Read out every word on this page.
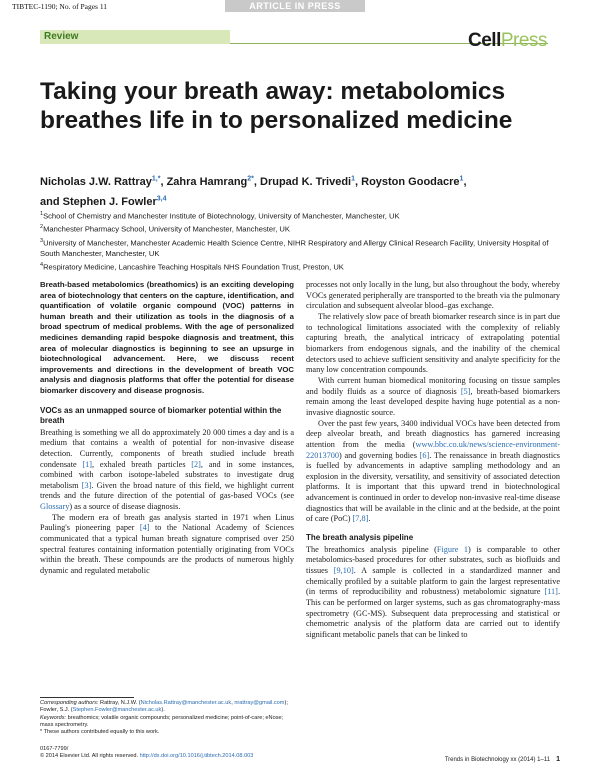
TIBTEC-1190; No. of Pages 11	ARTICLE IN PRESS
Review	CellPress
Taking your breath away: metabolomics breathes life in to personalized medicine
Nicholas J.W. Rattray$^{1,*}$, Zahra Hamrang$^{2*}$, Drupad K. Trivedi$^1$, Royston Goodacre$^1$,
and Stephen J. Fowler$^{3,4}$
$^1$School of Chemistry and Manchester Institute of Biotechnology, University of Manchester, Manchester, UK
$^2$Manchester Pharmacy School, University of Manchester, Manchester, UK
$^3$University of Manchester, Manchester Academic Health Science Centre, NIHR Respiratory and Allergy Clinical Research Facility, University Hospital of South Manchester, Manchester, UK
$^4$Respiratory Medicine, Lancashire Teaching Hospitals NHS Foundation Trust, Preston, UK

Breath-based metabolomics (breathomics) is an exciting developing area of biotechnology that centers on the capture, identification, and quantification of volatile organic compound (VOC) patterns in human breath and their utilization as tools in the diagnosis of a broad spectrum of medical problems. With the age of personalized medicines demanding rapid bespoke diagnosis and treatment, this area of molecular diagnostics is beginning to see an upsurge in biotechnological advancement. Here, we discuss recent improvements and directions in the development of breath VOC analysis and diagnosis platforms that offer the potential for disease biomarker discovery and disease prognosis.

VOCs as an unmapped source of biomarker potential within the breath

Breathing is something we all do approximately 20 000 times a day and is a medium that contains a wealth of potential for non-invasive disease detection. Currently, components of breath studied include breath condensate [1], exhaled breath particles [2], and in some instances, combined with carbon isotope-labeled substrates to investigate drug metabolism [3]. Given the broad nature of this field, we highlight current trends and the future direction of the potential of gas-based VOCs (see Glossary) as a source of disease diagnosis.

The modern era of breath gas analysis started in 1971 when Linus Pauling's pioneering paper [4] to the National Academy of Sciences communicated that a typical human breath signature comprised over 250 spectral features containing information potentially originating from VOCs within the breath. These compounds are the products of numerous highly dynamic and regulated metabolic

processes not only locally in the lung, but also throughout the body, whereby VOCs generated peripherally are transported to the breath via the pulmonary circulation and subsequent alveolar blood–gas exchange.

The relatively slow pace of breath biomarker research since is in part due to technological limitations associated with the complexity of reliably capturing breath, the analytical intricacy of extrapolating potential biomarkers from endogenous signals, and the inability of the chemical detectors used to achieve sufficient sensitivity and analyte specificity for the many low concentration compounds.

With current human biomedical monitoring focusing on tissue samples and bodily fluids as a source of diagnosis [5], breath-based biomarkers remain among the least developed despite having huge potential as a non-invasive diagnostic source.

Over the past few years, 3400 individual VOCs have been detected from deep alveolar breath, and breath diagnostics has garnered increasing attention from the media (www.bbc.co.uk/news/science-environment-22013700) and governing bodies [6]. The renaissance in breath diagnostics is fuelled by advancements in adaptive sampling methodology and an explosion in the diversity, versatility, and sensitivity of associated detection platforms. It is important that this upward trend in biotechnological advancement is continued in order to develop non-invasive real-time disease diagnostics that will be available in the clinic and at the bedside, at the point of care (PoC) [7,8].

The breath analysis pipeline

The breathomics analysis pipeline (Figure 1) is comparable to other metabolomics-based procedures for other substrates, such as biofluids and tissues [9,10]. A sample is collected in a standardized manner and chemically profiled by a suitable platform to gain the largest representative (in terms of reproducibility and robustness) metabolomic signature [11]. This can be performed on larger systems, such as gas chromatography-mass spectrometry (GC-MS). Subsequent data preprocessing and statistical or chemometric analysis of the platform data are carried out to identify significant metabolic panels that can be linked to

Corresponding authors: Rattray, N.J.W. (Nicholas.Rattray@manchester.ac.uk, nrattray@gmail.com); Fowler, S.J. (Stephen.Fowler@manchester.ac.uk).
Keywords: breathomics; volatile organic compounds; personalized medicine; point-of-care; eNose; mass spectrometry.
* These authors contributed equally to this work.
0167-7799/
© 2014 Elsevier Ltd. All rights reserved. http://dx.doi.org/10.1016/j.tibtech.2014.08.003
Trends in Biotechnology xx (2014) 1–11 1
